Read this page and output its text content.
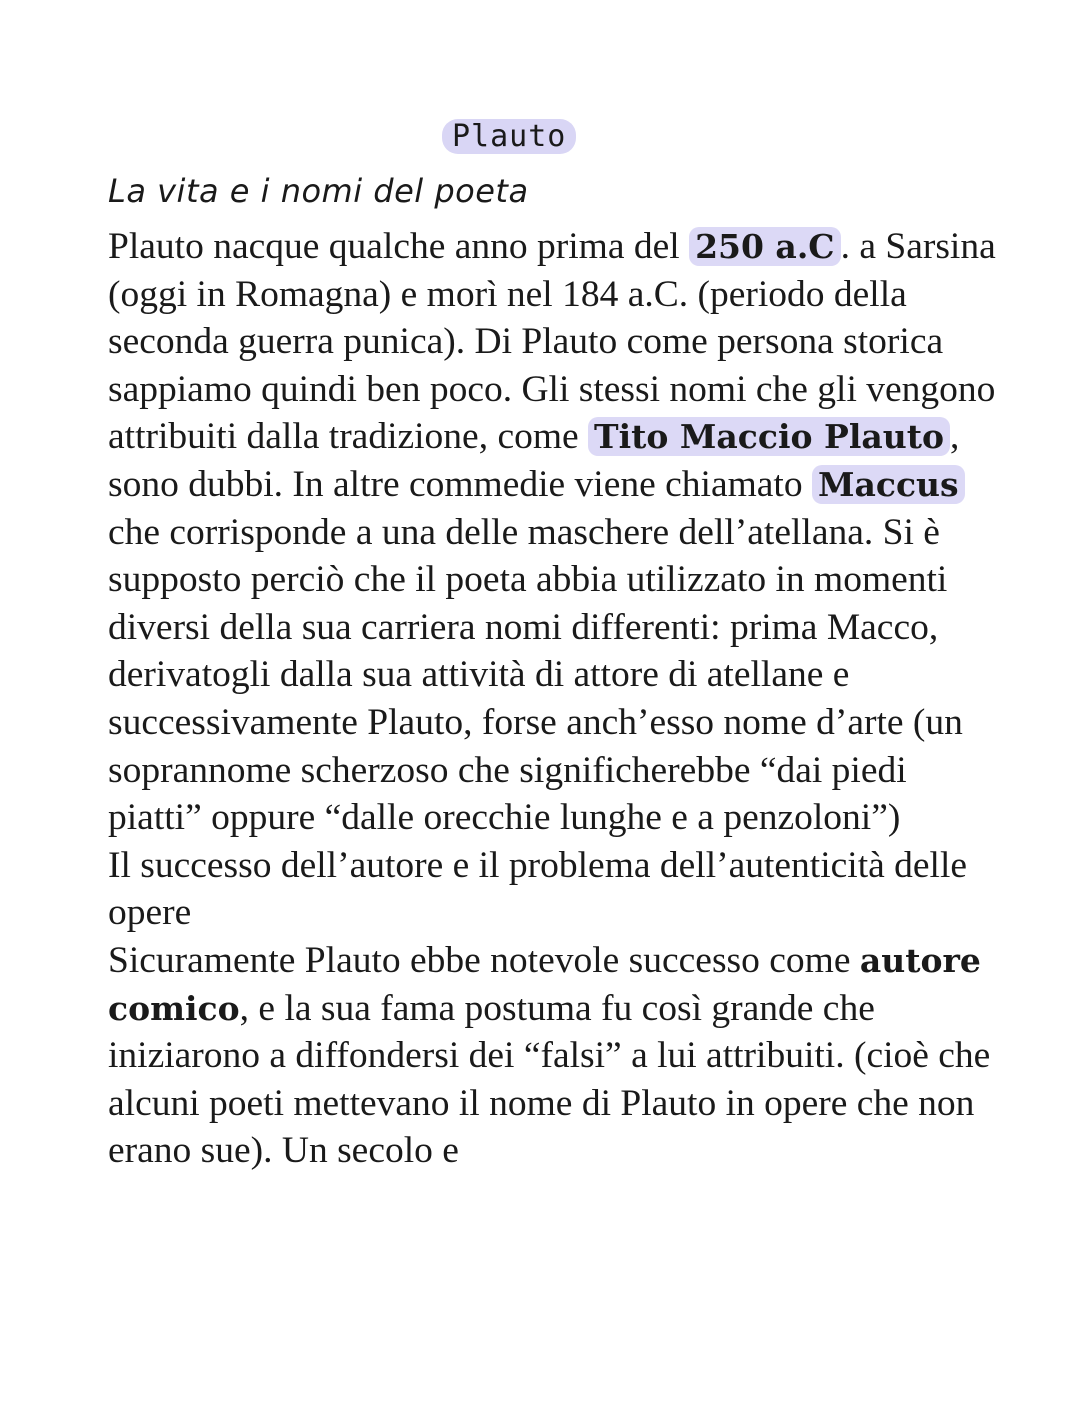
Plauto
La vita e i nomi del poeta

Plauto nacque qualche anno prima del 250 a.C . a Sarsina (oggi in Romagna) e morì nel 184 a.C. (periodo della seconda guerra punica). Di Plauto come persona storica sappiamo quindi ben poco. Gli stessi nomi che gli vengono attribuiti dalla tradizione, come Tito Maccio Plauto , sono dubbi. In altre commedie viene chiamato Maccus che corrisponde a una delle maschere dell’atellana. Si è supposto perciò che il poeta abbia utilizzato in momenti diversi della sua carriera nomi differenti: prima Macco, derivatogli dalla sua attività di attore di atellane e successivamente Plauto, forse anch’esso nome d’arte (un soprannome scherzoso che significherebbe “dai piedi piatti” oppure “dalle orecchie lunghe e a penzoloni”)

Il successo dell’autore e il problema dell’autenticità delle opere

Sicuramente Plauto ebbe notevole successo come autore comico, e la sua fama postuma fu così grande che iniziarono a diffondersi dei “falsi” a lui attribuiti. (cioè che alcuni poeti mettevano il nome di Plauto in opere che non erano sue). Un secolo e
